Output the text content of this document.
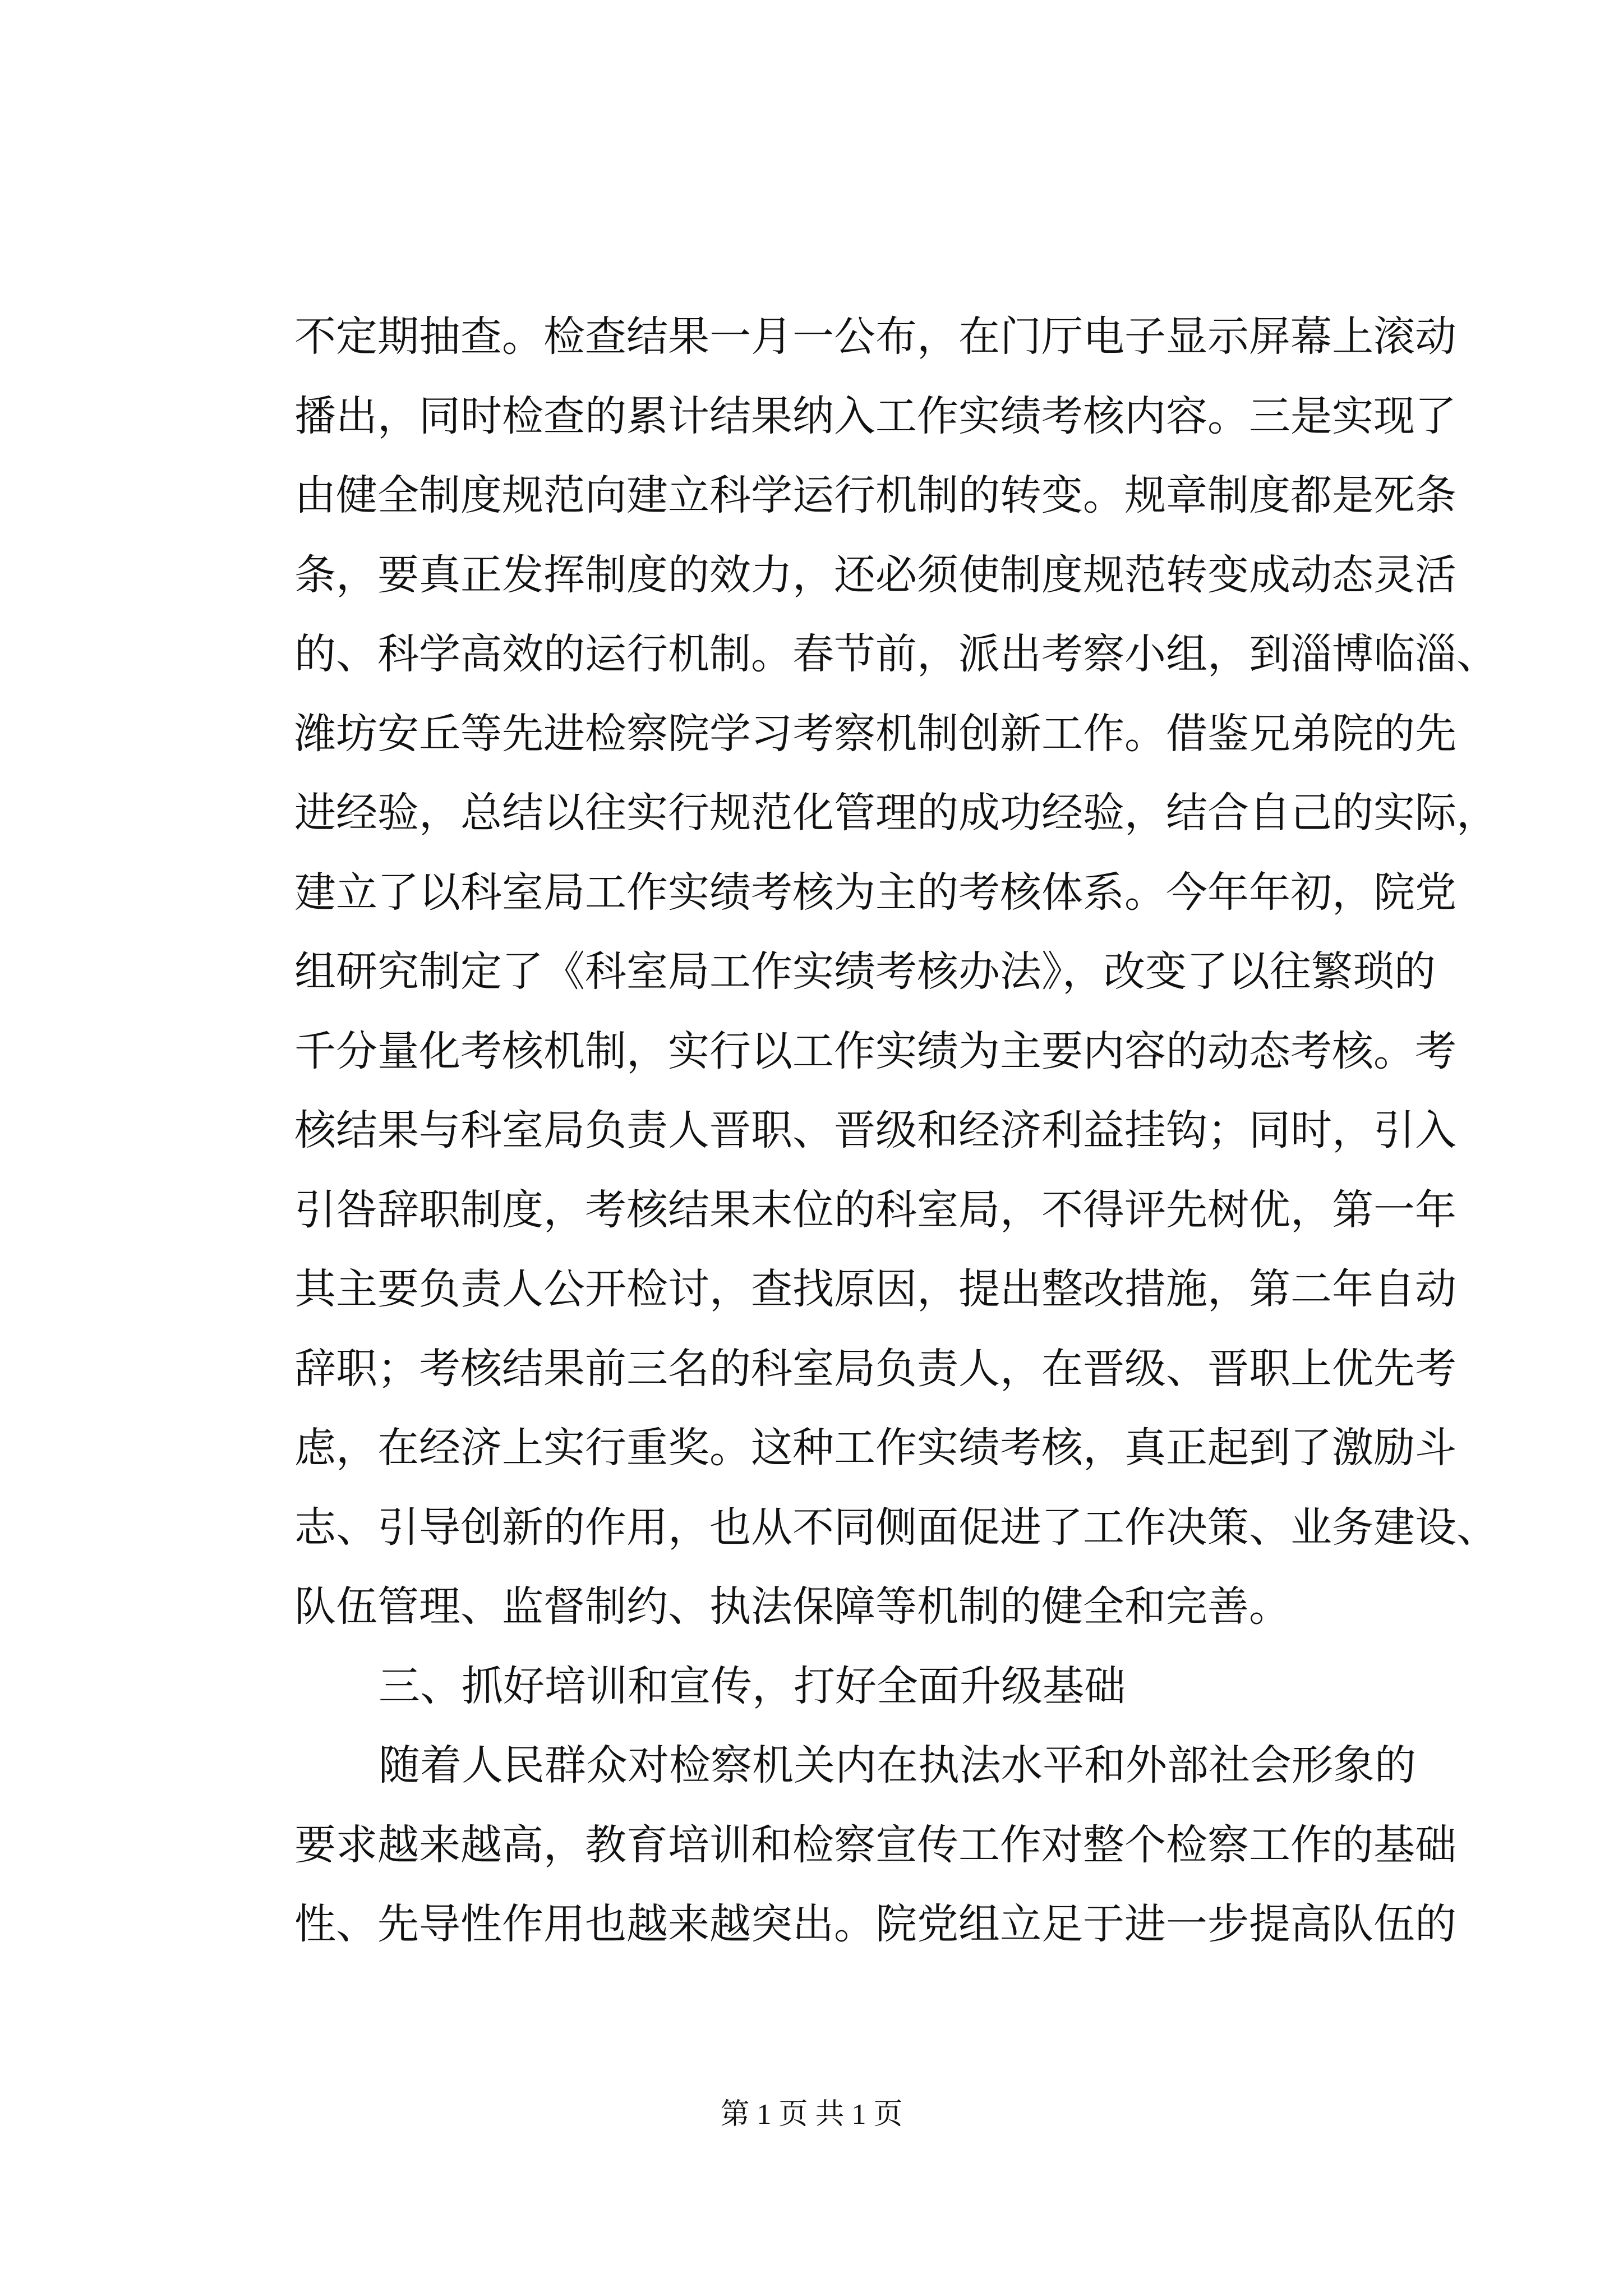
不定期抽查。检查结果一月一公布，在门厅电子显示屏幕上滚动
播出，同时检查的累计结果纳入工作实绩考核内容。三是实现了
由健全制度规范向建立科学运行机制的转变。规章制度都是死条
条，要真正发挥制度的效力，还必须使制度规范转变成动态灵活
的、科学高效的运行机制。春节前，派出考察小组，到淄博临淄、
潍坊安丘等先进检察院学习考察机制创新工作。借鉴兄弟院的先
进经验，总结以往实行规范化管理的成功经验，结合自己的实际，
建立了以科室局工作实绩考核为主的考核体系。今年年初，院党
组研究制定了《科室局工作实绩考核办法》，改变了以往繁琐的
千分量化考核机制，实行以工作实绩为主要内容的动态考核。考
核结果与科室局负责人晋职、晋级和经济利益挂钩；同时，引入
引咎辞职制度，考核结果末位的科室局，不得评先树优，第一年
其主要负责人公开检讨，查找原因，提出整改措施，第二年自动
辞职；考核结果前三名的科室局负责人，在晋级、晋职上优先考
虑，在经济上实行重奖。这种工作实绩考核，真正起到了激励斗
志、引导创新的作用，也从不同侧面促进了工作决策、业务建设、
队伍管理、监督制约、执法保障等机制的健全和完善。
三、抓好培训和宣传，打好全面升级基础
随着人民群众对检察机关内在执法水平和外部社会形象的
要求越来越高，教育培训和检察宣传工作对整个检察工作的基础
性、先导性作用也越来越突出。院党组立足于进一步提高队伍的
第 1 页 共 1 页
